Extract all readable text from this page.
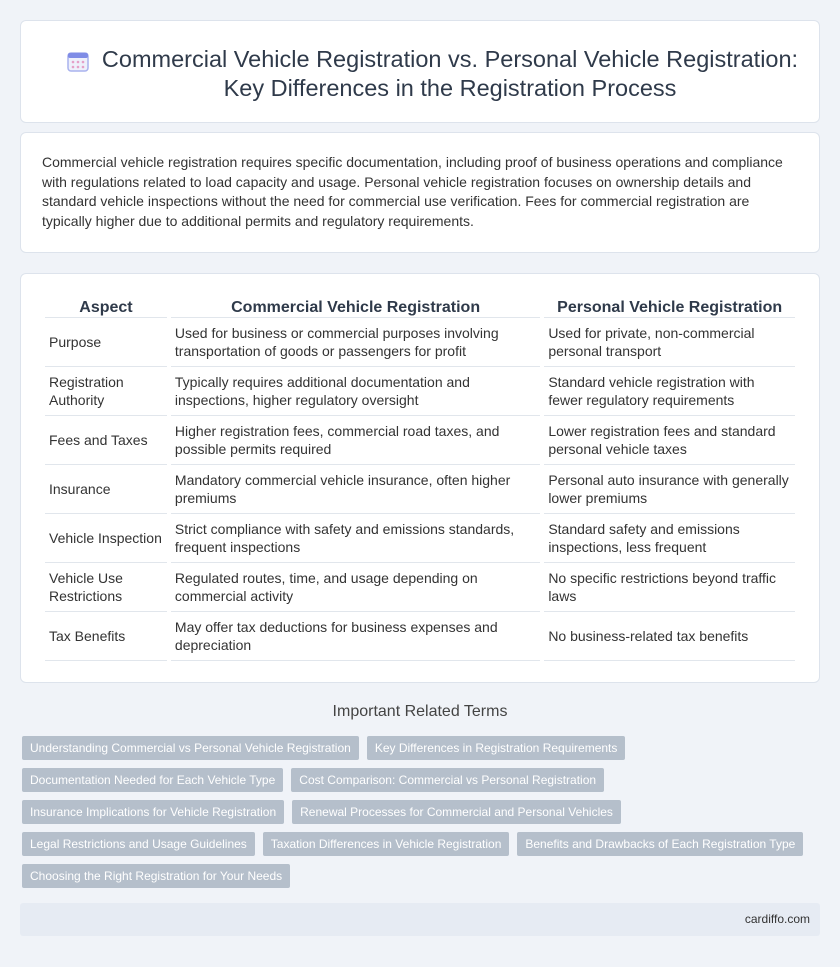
Commercial Vehicle Registration vs. Personal Vehicle Registration:
Key Differences in the Registration Process

Commercial vehicle registration requires specific documentation, including proof of business operations and compliance with regulations related to load capacity and usage. Personal vehicle registration focuses on ownership details and standard vehicle inspections without the need for commercial use verification. Fees for commercial registration are typically higher due to additional permits and regulatory requirements.

Aspect	Commercial Vehicle Registration	Personal Vehicle Registration
Purpose	Used for business or commercial purposes involving transportation of goods or passengers for profit	Used for private, non-commercial personal transport
Registration Authority	Typically requires additional documentation and inspections, higher regulatory oversight	Standard vehicle registration with fewer regulatory requirements
Fees and Taxes	Higher registration fees, commercial road taxes, and possible permits required	Lower registration fees and standard personal vehicle taxes
Insurance	Mandatory commercial vehicle insurance, often higher premiums	Personal auto insurance with generally lower premiums
Vehicle Inspection	Strict compliance with safety and emissions standards, frequent inspections	Standard safety and emissions inspections, less frequent
Vehicle Use Restrictions	Regulated routes, time, and usage depending on commercial activity	No specific restrictions beyond traffic laws
Tax Benefits	May offer tax deductions for business expenses and depreciation	No business-related tax benefits
Important Related Terms
Understanding Commercial vs Personal Vehicle Registration	Key Differences in Registration Requirements
Documentation Needed for Each Vehicle Type	Cost Comparison: Commercial vs Personal Registration
Insurance Implications for Vehicle Registration	Renewal Processes for Commercial and Personal Vehicles
Legal Restrictions and Usage Guidelines	Taxation Differences in Vehicle Registration	Benefits and Drawbacks of Each Registration Type
Choosing the Right Registration for Your Needs
cardiffo.com
